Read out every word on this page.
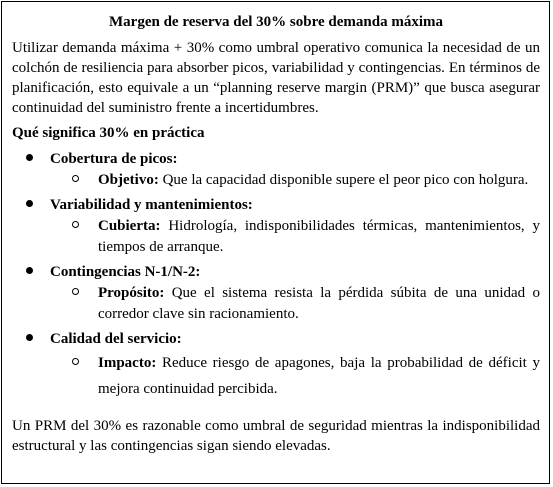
Margen de reserva del 30% sobre demanda máxima

Utilizar demanda máxima + 30% como umbral operativo comunica la necesidad de un colchón de resiliencia para absorber picos, variabilidad y contingencias. En términos de planificación, esto equivale a un “planning reserve margin (PRM)” que busca asegurar continuidad del suministro frente a incertidumbres.

Qué significa 30% en práctica

Cobertura de picos:
Objetivo: Que la capacidad disponible supere el peor pico con holgura.
Variabilidad y mantenimientos:
Cubierta: Hidrología, indisponibilidades térmicas, mantenimientos, y tiempos de arranque.
Contingencias N-1/N-2:
Propósito: Que el sistema resista la pérdida súbita de una unidad o corredor clave sin racionamiento.
Calidad del servicio:
Impacto: Reduce riesgo de apagones, baja la probabilidad de déficit y mejora continuidad percibida.

Un PRM del 30% es razonable como umbral de seguridad mientras la indisponibilidad estructural y las contingencias sigan siendo elevadas.
